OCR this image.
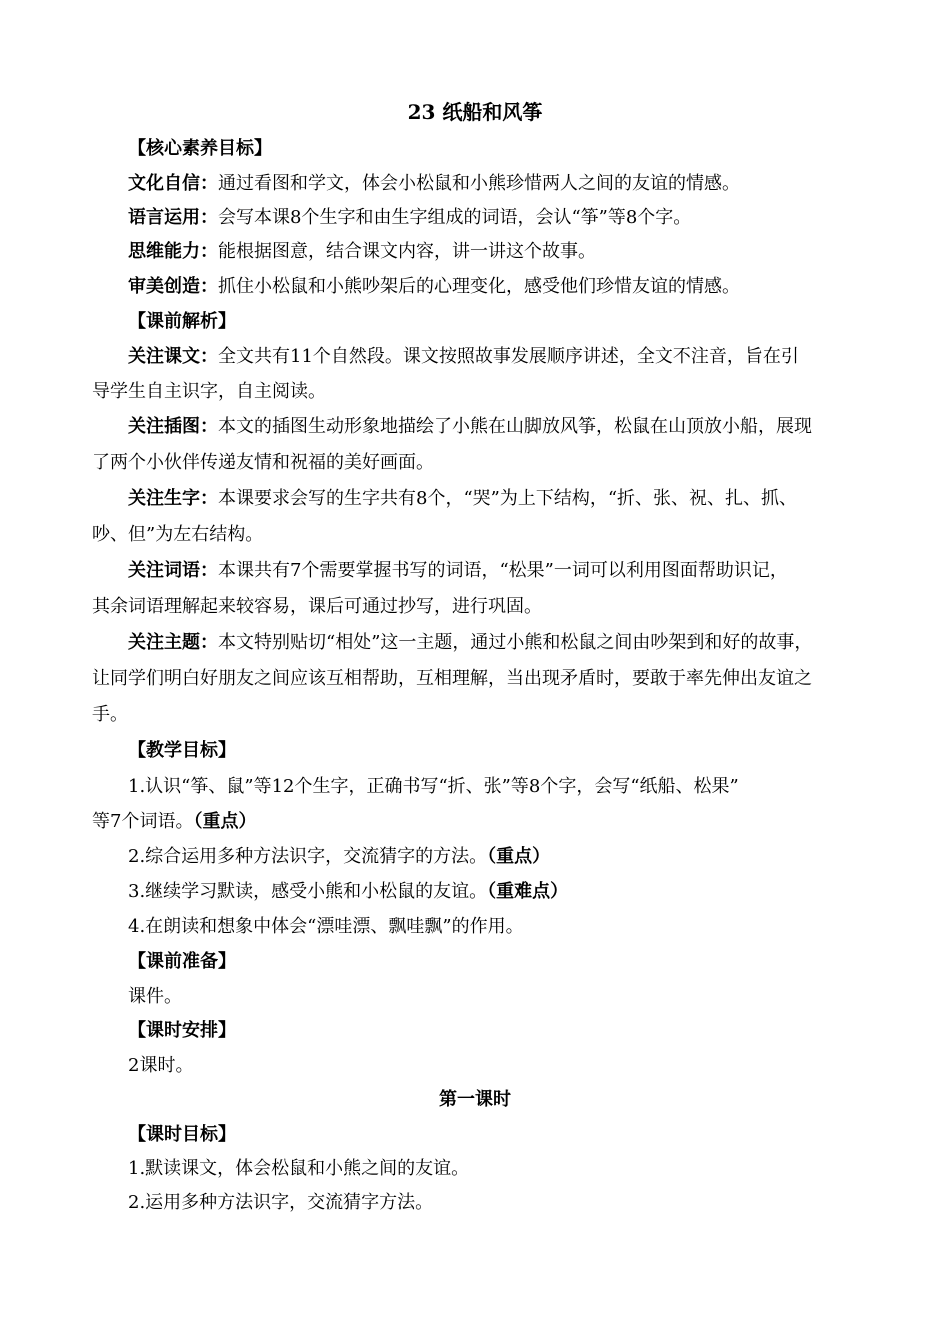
23 纸船和风筝
【核心素养目标】
文化自信：通过看图和学文，体会小松鼠和小熊珍惜两人之间的友谊的情感。
语言运用：会写本课8个生字和由生字组成的词语，会认“筝”等8个字。
思维能力：能根据图意，结合课文内容，讲一讲这个故事。
审美创造：抓住小松鼠和小熊吵架后的心理变化，感受他们珍惜友谊的情感。
【课前解析】
关注课文：全文共有11个自然段。课文按照故事发展顺序讲述，全文不注音，旨在引
导学生自主识字，自主阅读。
关注插图：本文的插图生动形象地描绘了小熊在山脚放风筝，松鼠在山顶放小船，展现
了两个小伙伴传递友情和祝福的美好画面。
关注生字：本课要求会写的生字共有8个，“哭”为上下结构，“折、张、祝、扎、抓、
吵、但”为左右结构。
关注词语：本课共有7个需要掌握书写的词语，“松果”一词可以利用图面帮助识记，
其余词语理解起来较容易，课后可通过抄写，进行巩固。
关注主题：本文特别贴切“相处”这一主题，通过小熊和松鼠之间由吵架到和好的故事，
让同学们明白好朋友之间应该互相帮助，互相理解，当出现矛盾时，要敢于率先伸出友谊之
手。
【教学目标】
1.认识“筝、鼠”等12个生字，正确书写“折、张”等8个字，会写“纸船、松果”
等7个词语。（重点）
2.综合运用多种方法识字，交流猜字的方法。（重点）
3.继续学习默读，感受小熊和小松鼠的友谊。（重难点）
4.在朗读和想象中体会“漂哇漂、飘哇飘”的作用。
【课前准备】
课件。
【课时安排】
2课时。
第一课时
【课时目标】
1.默读课文，体会松鼠和小熊之间的友谊。
2.运用多种方法识字，交流猜字方法。
